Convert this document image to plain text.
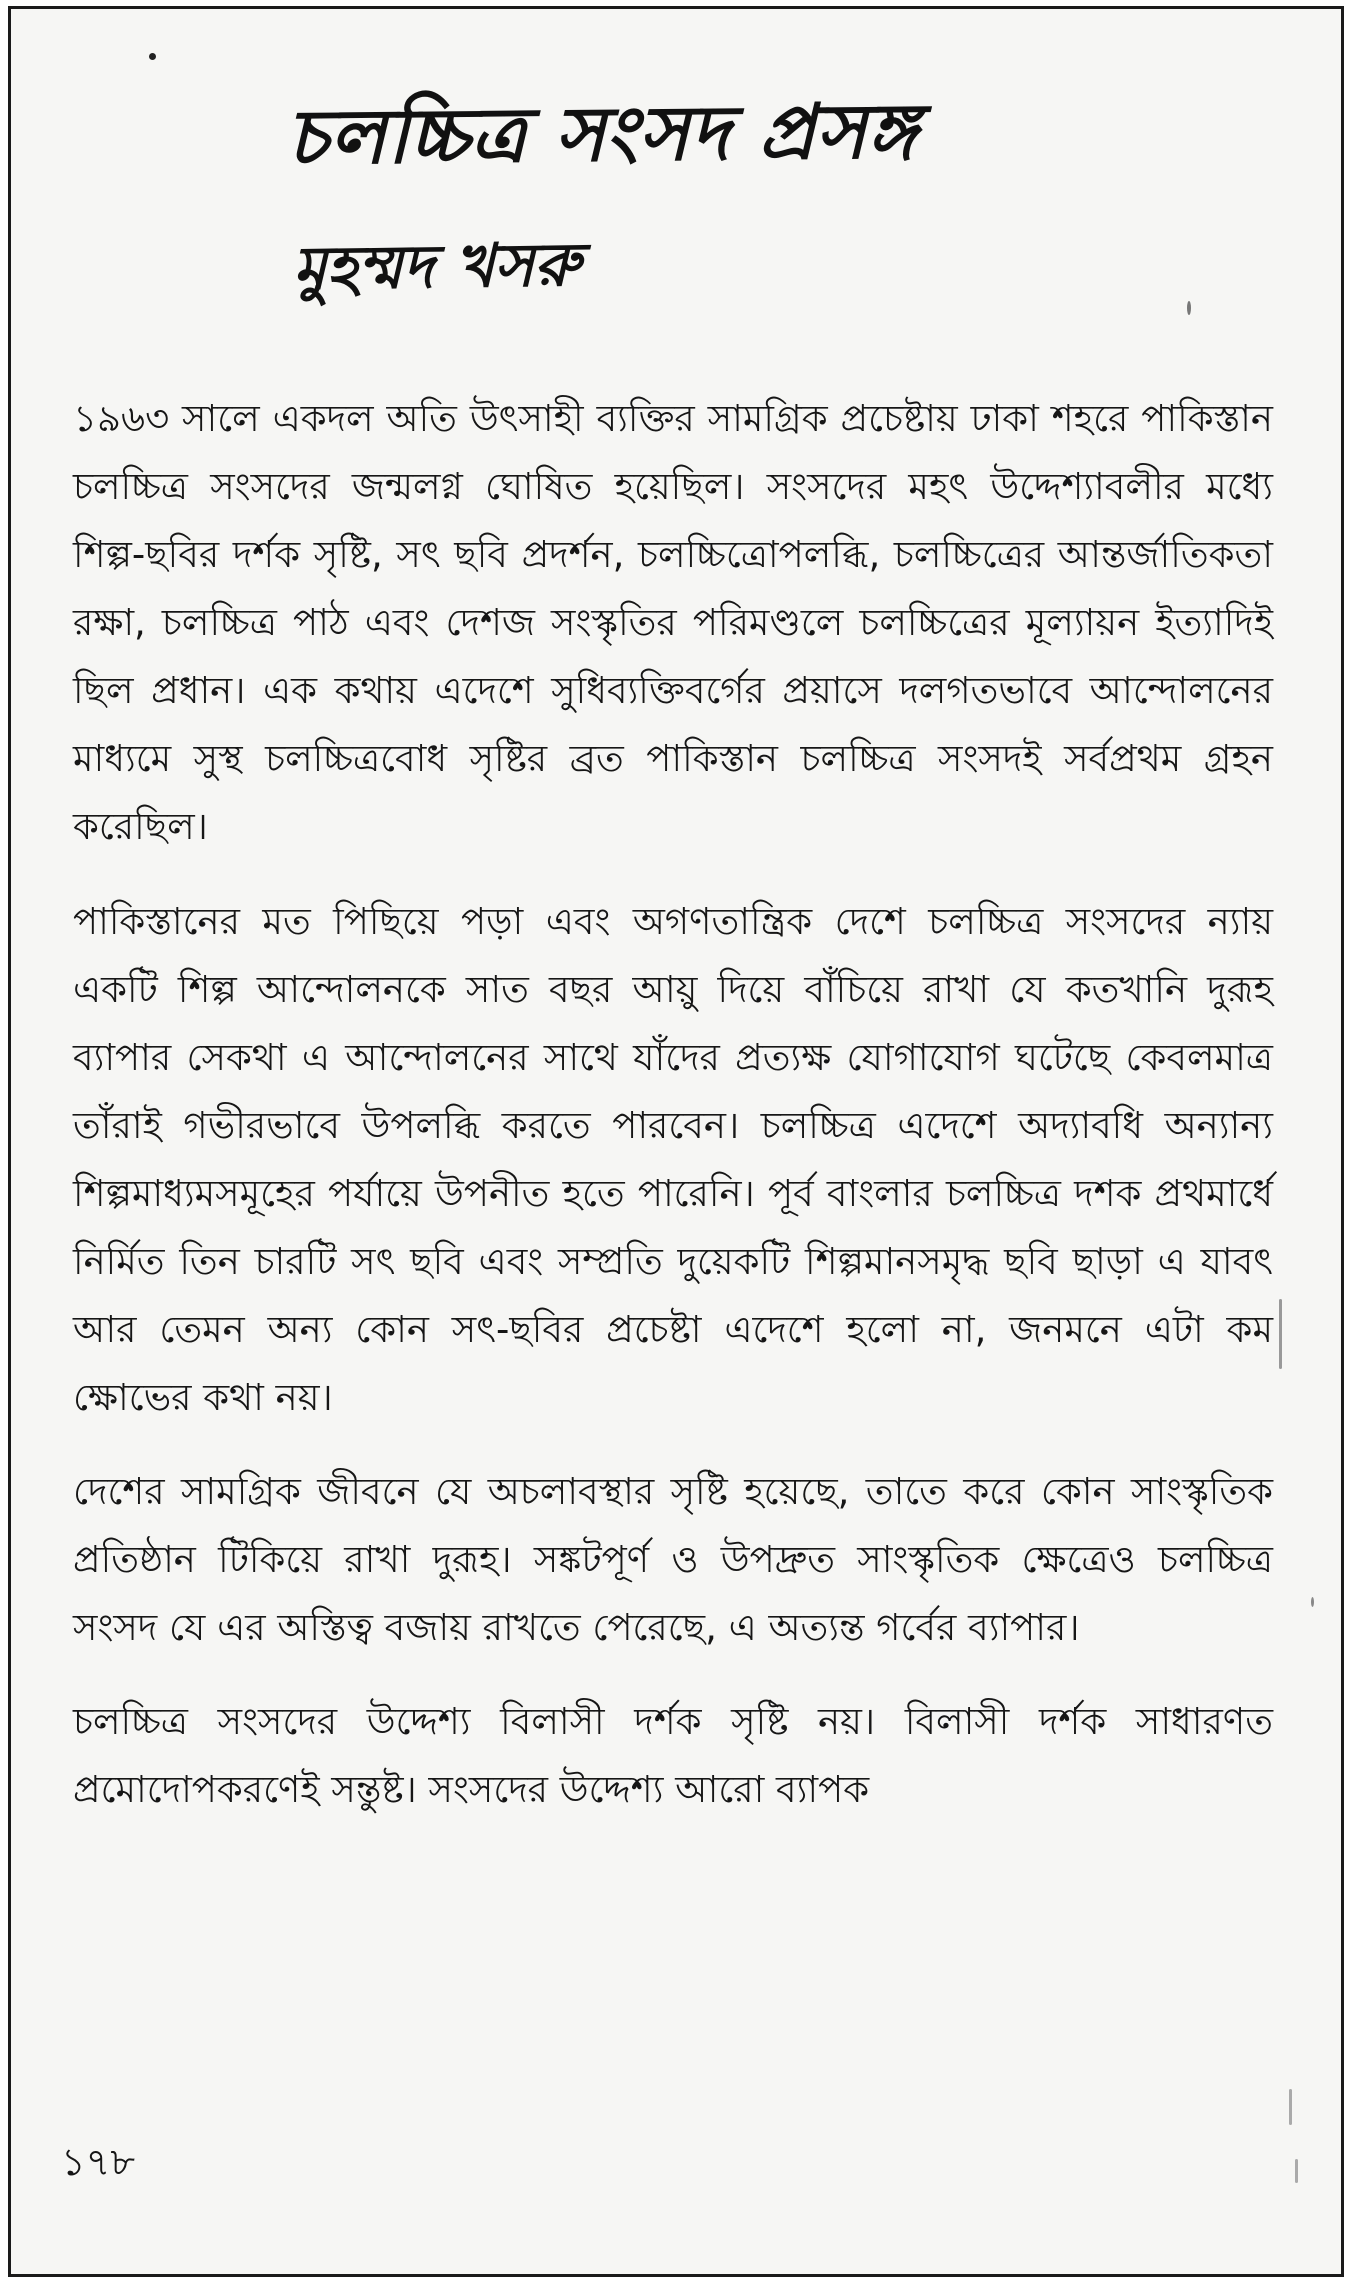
চলচ্চিত্র সংসদ প্রসঙ্গ
মুহম্মদ খসরু

১৯৬৩ সালে একদল অতি উৎসাহী ব্যক্তির সামগ্রিক প্রচেষ্টায় ঢাকা শহরে পাকিস্তান চলচ্চিত্র সংসদের জন্মলগ্ন ঘোষিত হয়েছিল। সংসদের মহৎ উদ্দেশ্যাবলীর মধ্যে শিল্প-ছবির দর্শক সৃষ্টি, সৎ ছবি প্রদর্শন, চলচ্চিত্রোপলব্ধি, চলচ্চিত্রের আন্তর্জাতিকতা রক্ষা, চলচ্চিত্র পাঠ এবং দেশজ সংস্কৃতির পরিমণ্ডলে চলচ্চিত্রের মূল্যায়ন ইত্যাদিই ছিল প্রধান। এক কথায় এদেশে সুধিব্যক্তিবর্গের প্রয়াসে দলগতভাবে আন্দোলনের মাধ্যমে সুস্থ চলচ্চিত্রবোধ সৃষ্টির ব্রত পাকিস্তান চলচ্চিত্র সংসদই সর্বপ্রথম গ্রহন করেছিল।

পাকিস্তানের মত পিছিয়ে পড়া এবং অগণতান্ত্রিক দেশে চলচ্চিত্র সংসদের ন্যায় একটি শিল্প আন্দোলনকে সাত বছর আয়ু দিয়ে বাঁচিয়ে রাখা যে কতখানি দুরূহ ব্যাপার সেকথা এ আন্দোলনের সাথে যাঁদের প্রত্যক্ষ যোগাযোগ ঘটেছে কেবলমাত্র তাঁরাই গভীরভাবে উপলব্ধি করতে পারবেন। চলচ্চিত্র এদেশে অদ্যাবধি অন্যান্য শিল্পমাধ্যমসমূহের পর্যায়ে উপনীত হতে পারেনি। পূর্ব বাংলার চলচ্চিত্র দশক প্রথমার্ধে নির্মিত তিন চারটি সৎ ছবি এবং সম্প্রতি দুয়েকটি শিল্পমানসমৃদ্ধ ছবি ছাড়া এ যাবৎ আর তেমন অন্য কোন সৎ-ছবির প্রচেষ্টা এদেশে হলো না, জনমনে এটা কম ক্ষোভের কথা নয়।

দেশের সামগ্রিক জীবনে যে অচলাবস্থার সৃষ্টি হয়েছে, তাতে করে কোন সাংস্কৃতিক প্রতিষ্ঠান টিকিয়ে রাখা দুরূহ। সঙ্কটপূর্ণ ও উপদ্রুত সাংস্কৃতিক ক্ষেত্রেও চলচ্চিত্র সংসদ যে এর অস্তিত্ব বজায় রাখতে পেরেছে, এ অত্যন্ত গর্বের ব্যাপার।

চলচ্চিত্র সংসদের উদ্দেশ্য বিলাসী দর্শক সৃষ্টি নয়। বিলাসী দর্শক সাধারণত প্রমোদোপকরণেই সন্তুষ্ট। সংসদের উদ্দেশ্য আরো ব্যাপক

১৭৮
